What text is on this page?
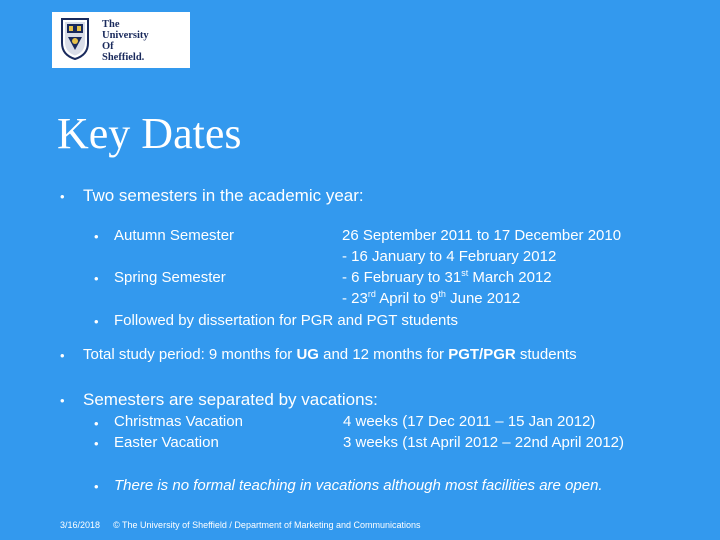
The
University
Of
Sheffield.
Key Dates
• Two semesters in the academic year:
• Autumn Semester	26 September 2011 to 17 December 2010
- 16 January to 4 February 2012
• Spring Semester	- 6 February to 31st March 2012
- 23rd April to 9th June 2012
• Followed by dissertation for PGR and PGT students
• Total study period: 9 months for UG and 12 months for PGT/PGR students
• Semesters are separated by vacations:
• Christmas Vacation	4 weeks (17 Dec 2011 – 15 Jan 2012)
• Easter Vacation	3 weeks (1st April 2012 – 22nd April 2012)
• There is no formal teaching in vacations although most facilities are open.
3/16/2018 © The University of Sheffield / Department of Marketing and Communications
